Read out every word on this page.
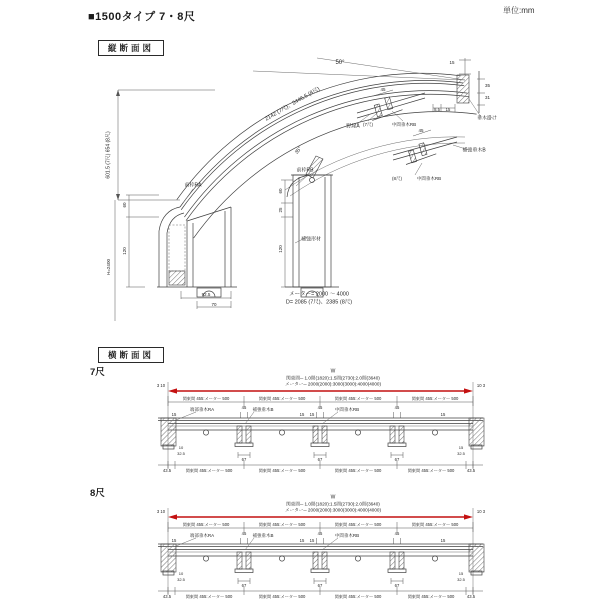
■1500タイプ 7・8尺
単位:mm
縦断面図
601.5 (7尺) 654 (8尺)
2142 (7尺)、2446.5 (8尺)
50°
35°
前枠RA
60
120
H=2400
92.5
70
前枠RB
60
25
120
補強形材
メーター= 2000 〜 4000
D= 2085 (7尺)、2385 (8尺)
15
35
31
8.5 15
垂木掛け
野縁A
45
(7尺)	中間垂木RB
45
補強垂木B
(8尺)	中間垂木RB
横断面図
7尺
8尺
W
関東間─ 1.0間(1820):1.5間(2730):2.0間(3640)
メーター─ 2000(2000):3000(3000):4000(4000)
3 10	10 3
関東間 455:メーター 500	関東間 455:メーター 500	関東間 455:メーター 500	関東間 455:メーター 500
45	45	45
15
端部垂木RA	補強垂木B
15 15
中間垂木RB
15
67	67	67
10
32.5
15
32.5
43.5	関東間 455:メーター 500	関東間 455:メーター 500	関東間 455:メーター 500	関東間 455:メーター 500	43.5
W
関東間─ 1.0間(1820):1.5間(2730):2.0間(3640)
メーター─ 2000(2000):3000(3000):4000(4000)
3 10	10 3
関東間 455:メーター 500	関東間 455:メーター 500	関東間 455:メーター 500	関東間 455:メーター 500
45	45	45
15
端部垂木RA	補強垂木B
15 15
中間垂木RB
15
67	67	67
10
32.5
15
32.5
43.5	関東間 455:メーター 500	関東間 455:メーター 500	関東間 455:メーター 500	関東間 455:メーター 500	43.5
